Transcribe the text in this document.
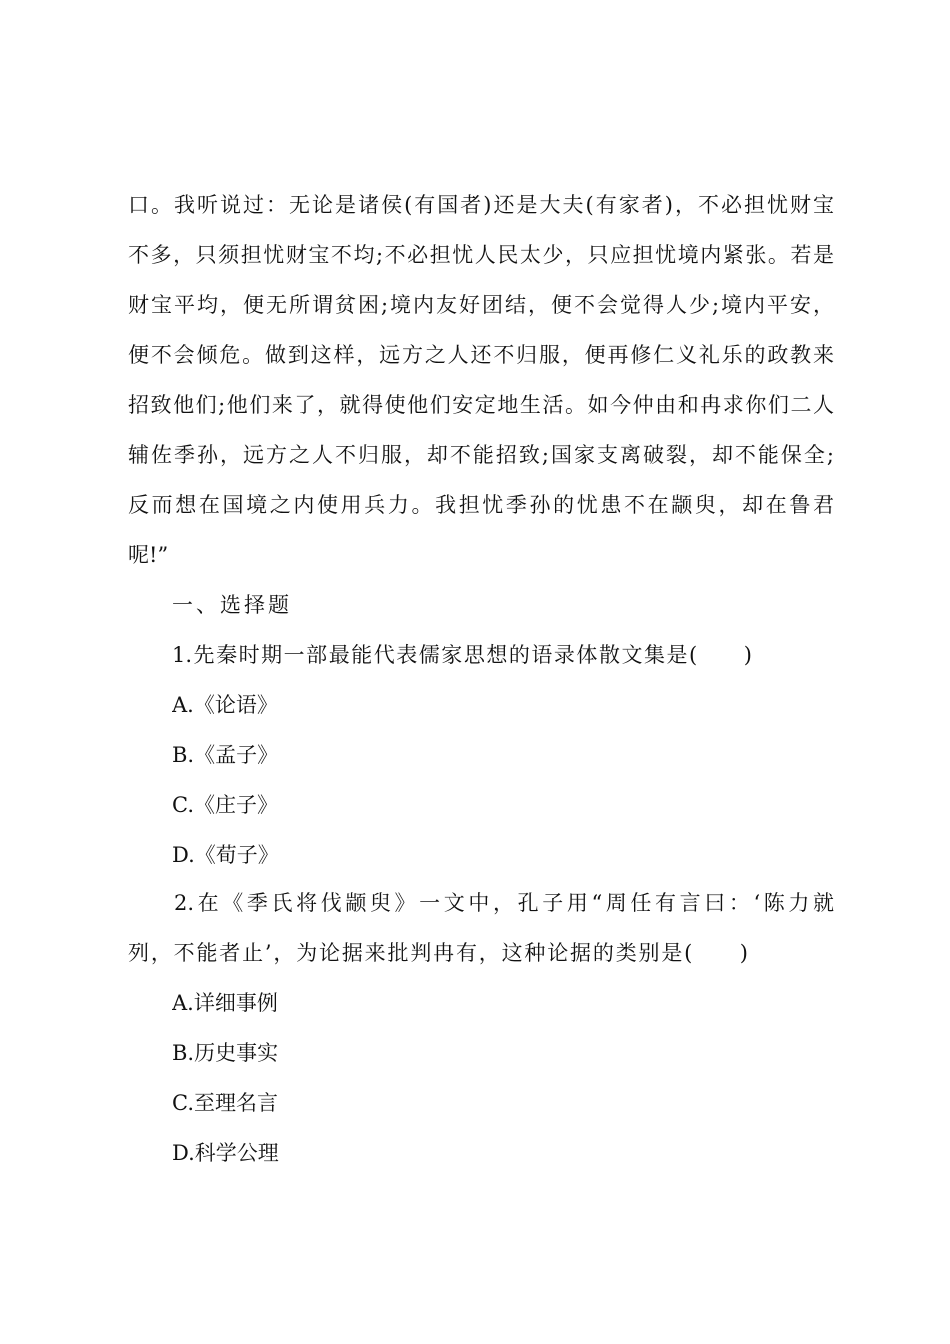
口。我听说过：无论是诸侯(有国者)还是大夫(有家者)，不必担忧财宝
不多，只须担忧财宝不均;不必担忧人民太少，只应担忧境内紧张。若是
财宝平均，便无所谓贫困;境内友好团结，便不会觉得人少;境内平安，
便不会倾危。做到这样，远方之人还不归服，便再修仁义礼乐的政教来
招致他们;他们来了，就得使他们安定地生活。如今仲由和冉求你们二人
辅佐季孙，远方之人不归服，却不能招致;国家支离破裂，却不能保全;
反而想在国境之内使用兵力。我担忧季孙的忧患不在颛臾，却在鲁君
呢!”
一、选择题
1.先秦时期一部最能代表儒家思想的语录体散文集是(　　)
A.《论语》
B.《孟子》
C.《庄子》
D.《荀子》
2.在《季氏将伐颛臾》一文中，孔子用“周任有言曰：‘陈力就
列，不能者止’，为论据来批判冉有，这种论据的类别是(　　)
A.详细事例
B.历史事实
C.至理名言
D.科学公理
